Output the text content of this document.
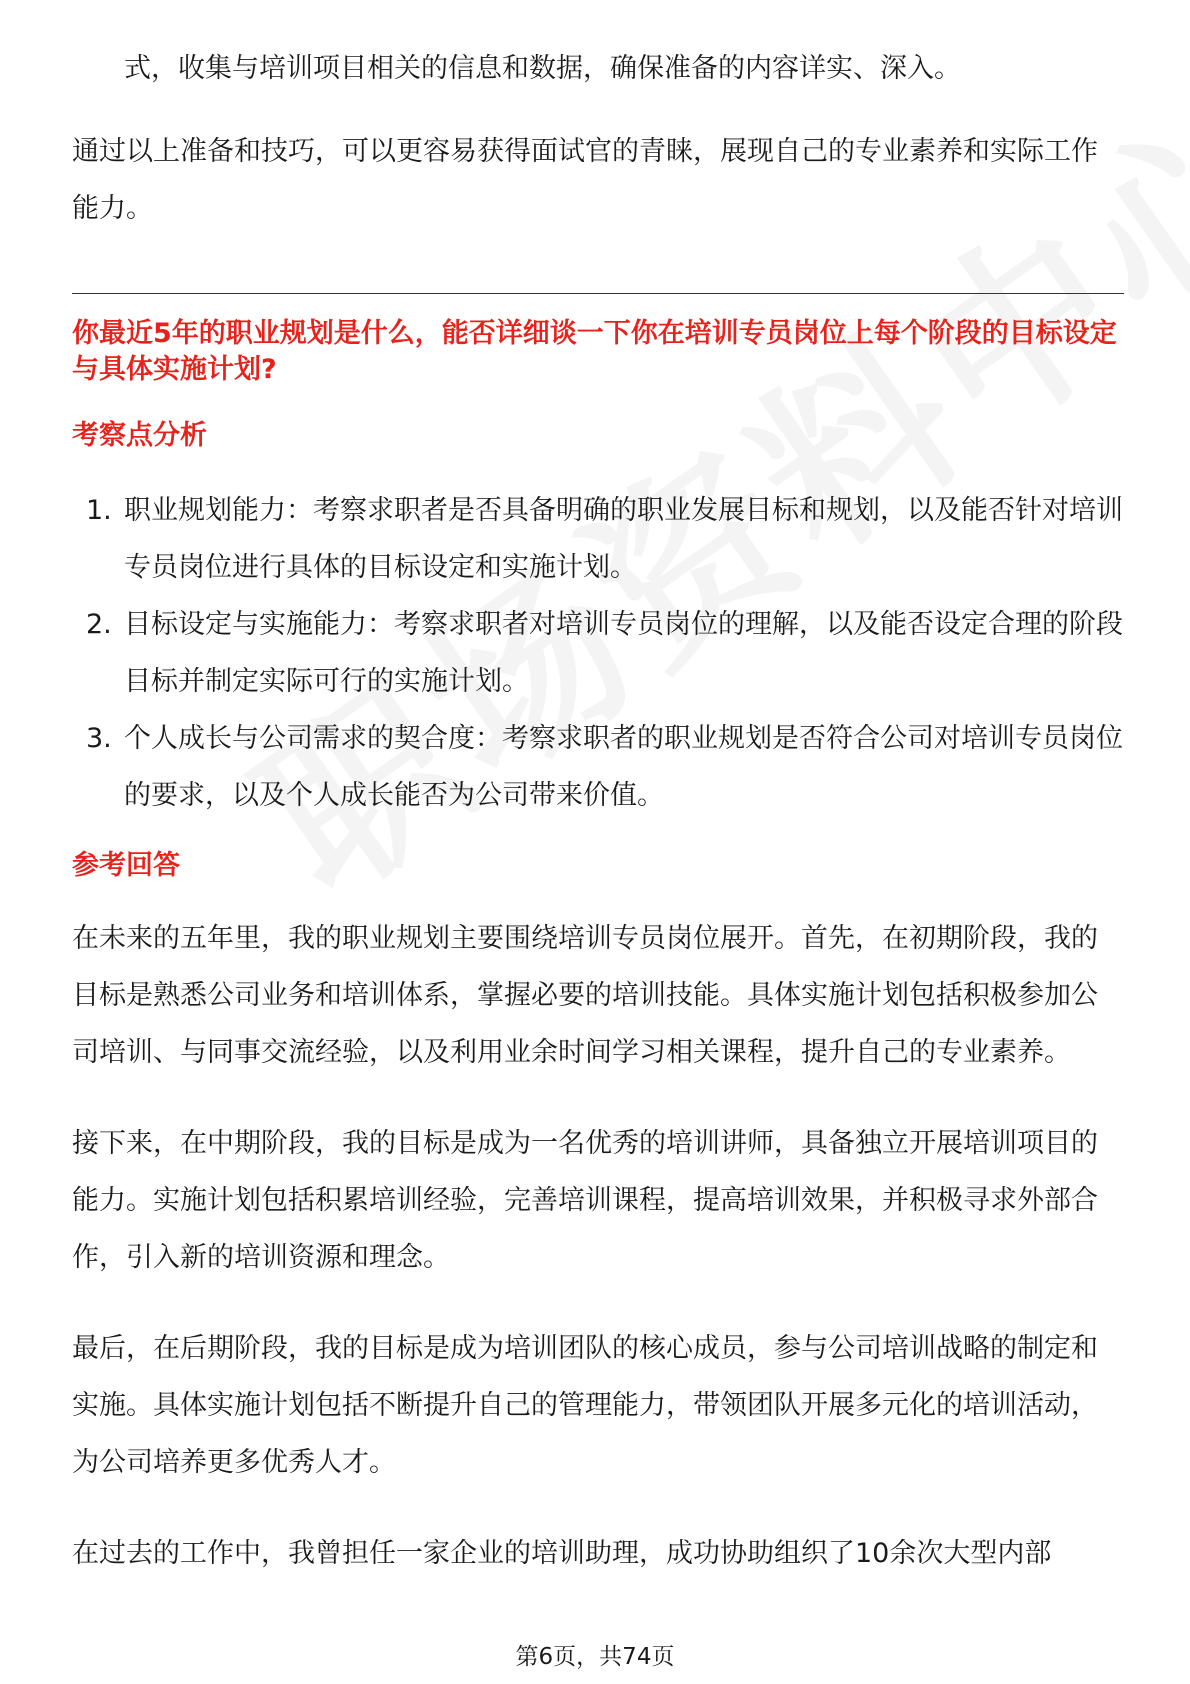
式，收集与培训项目相关的信息和数据，确保准备的内容详实、深入。

通过以上准备和技巧，可以更容易获得面试官的青睐，展现自己的专业素养和实际工作能力。

你最近5年的职业规划是什么，能否详细谈一下你在培训专员岗位上每个阶段的目标设定与具体实施计划?

考察点分析

1. 职业规划能力：考察求职者是否具备明确的职业发展目标和规划，以及能否针对培训专员岗位进行具体的目标设定和实施计划。
2. 目标设定与实施能力：考察求职者对培训专员岗位的理解，以及能否设定合理的阶段目标并制定实际可行的实施计划。
3. 个人成长与公司需求的契合度：考察求职者的职业规划是否符合公司对培训专员岗位的要求，以及个人成长能否为公司带来价值。

参考回答

在未来的五年里，我的职业规划主要围绕培训专员岗位展开。首先，在初期阶段，我的目标是熟悉公司业务和培训体系，掌握必要的培训技能。具体实施计划包括积极参加公司培训、与同事交流经验，以及利用业余时间学习相关课程，提升自己的专业素养。

接下来，在中期阶段，我的目标是成为一名优秀的培训讲师，具备独立开展培训项目的能力。实施计划包括积累培训经验，完善培训课程，提高培训效果，并积极寻求外部合作，引入新的培训资源和理念。

最后，在后期阶段，我的目标是成为培训团队的核心成员，参与公司培训战略的制定和实施。具体实施计划包括不断提升自己的管理能力，带领团队开展多元化的培训活动，为公司培养更多优秀人才。

在过去的工作中，我曾担任一家企业的培训助理，成功协助组织了10余次大型内部

第6页，共74页
